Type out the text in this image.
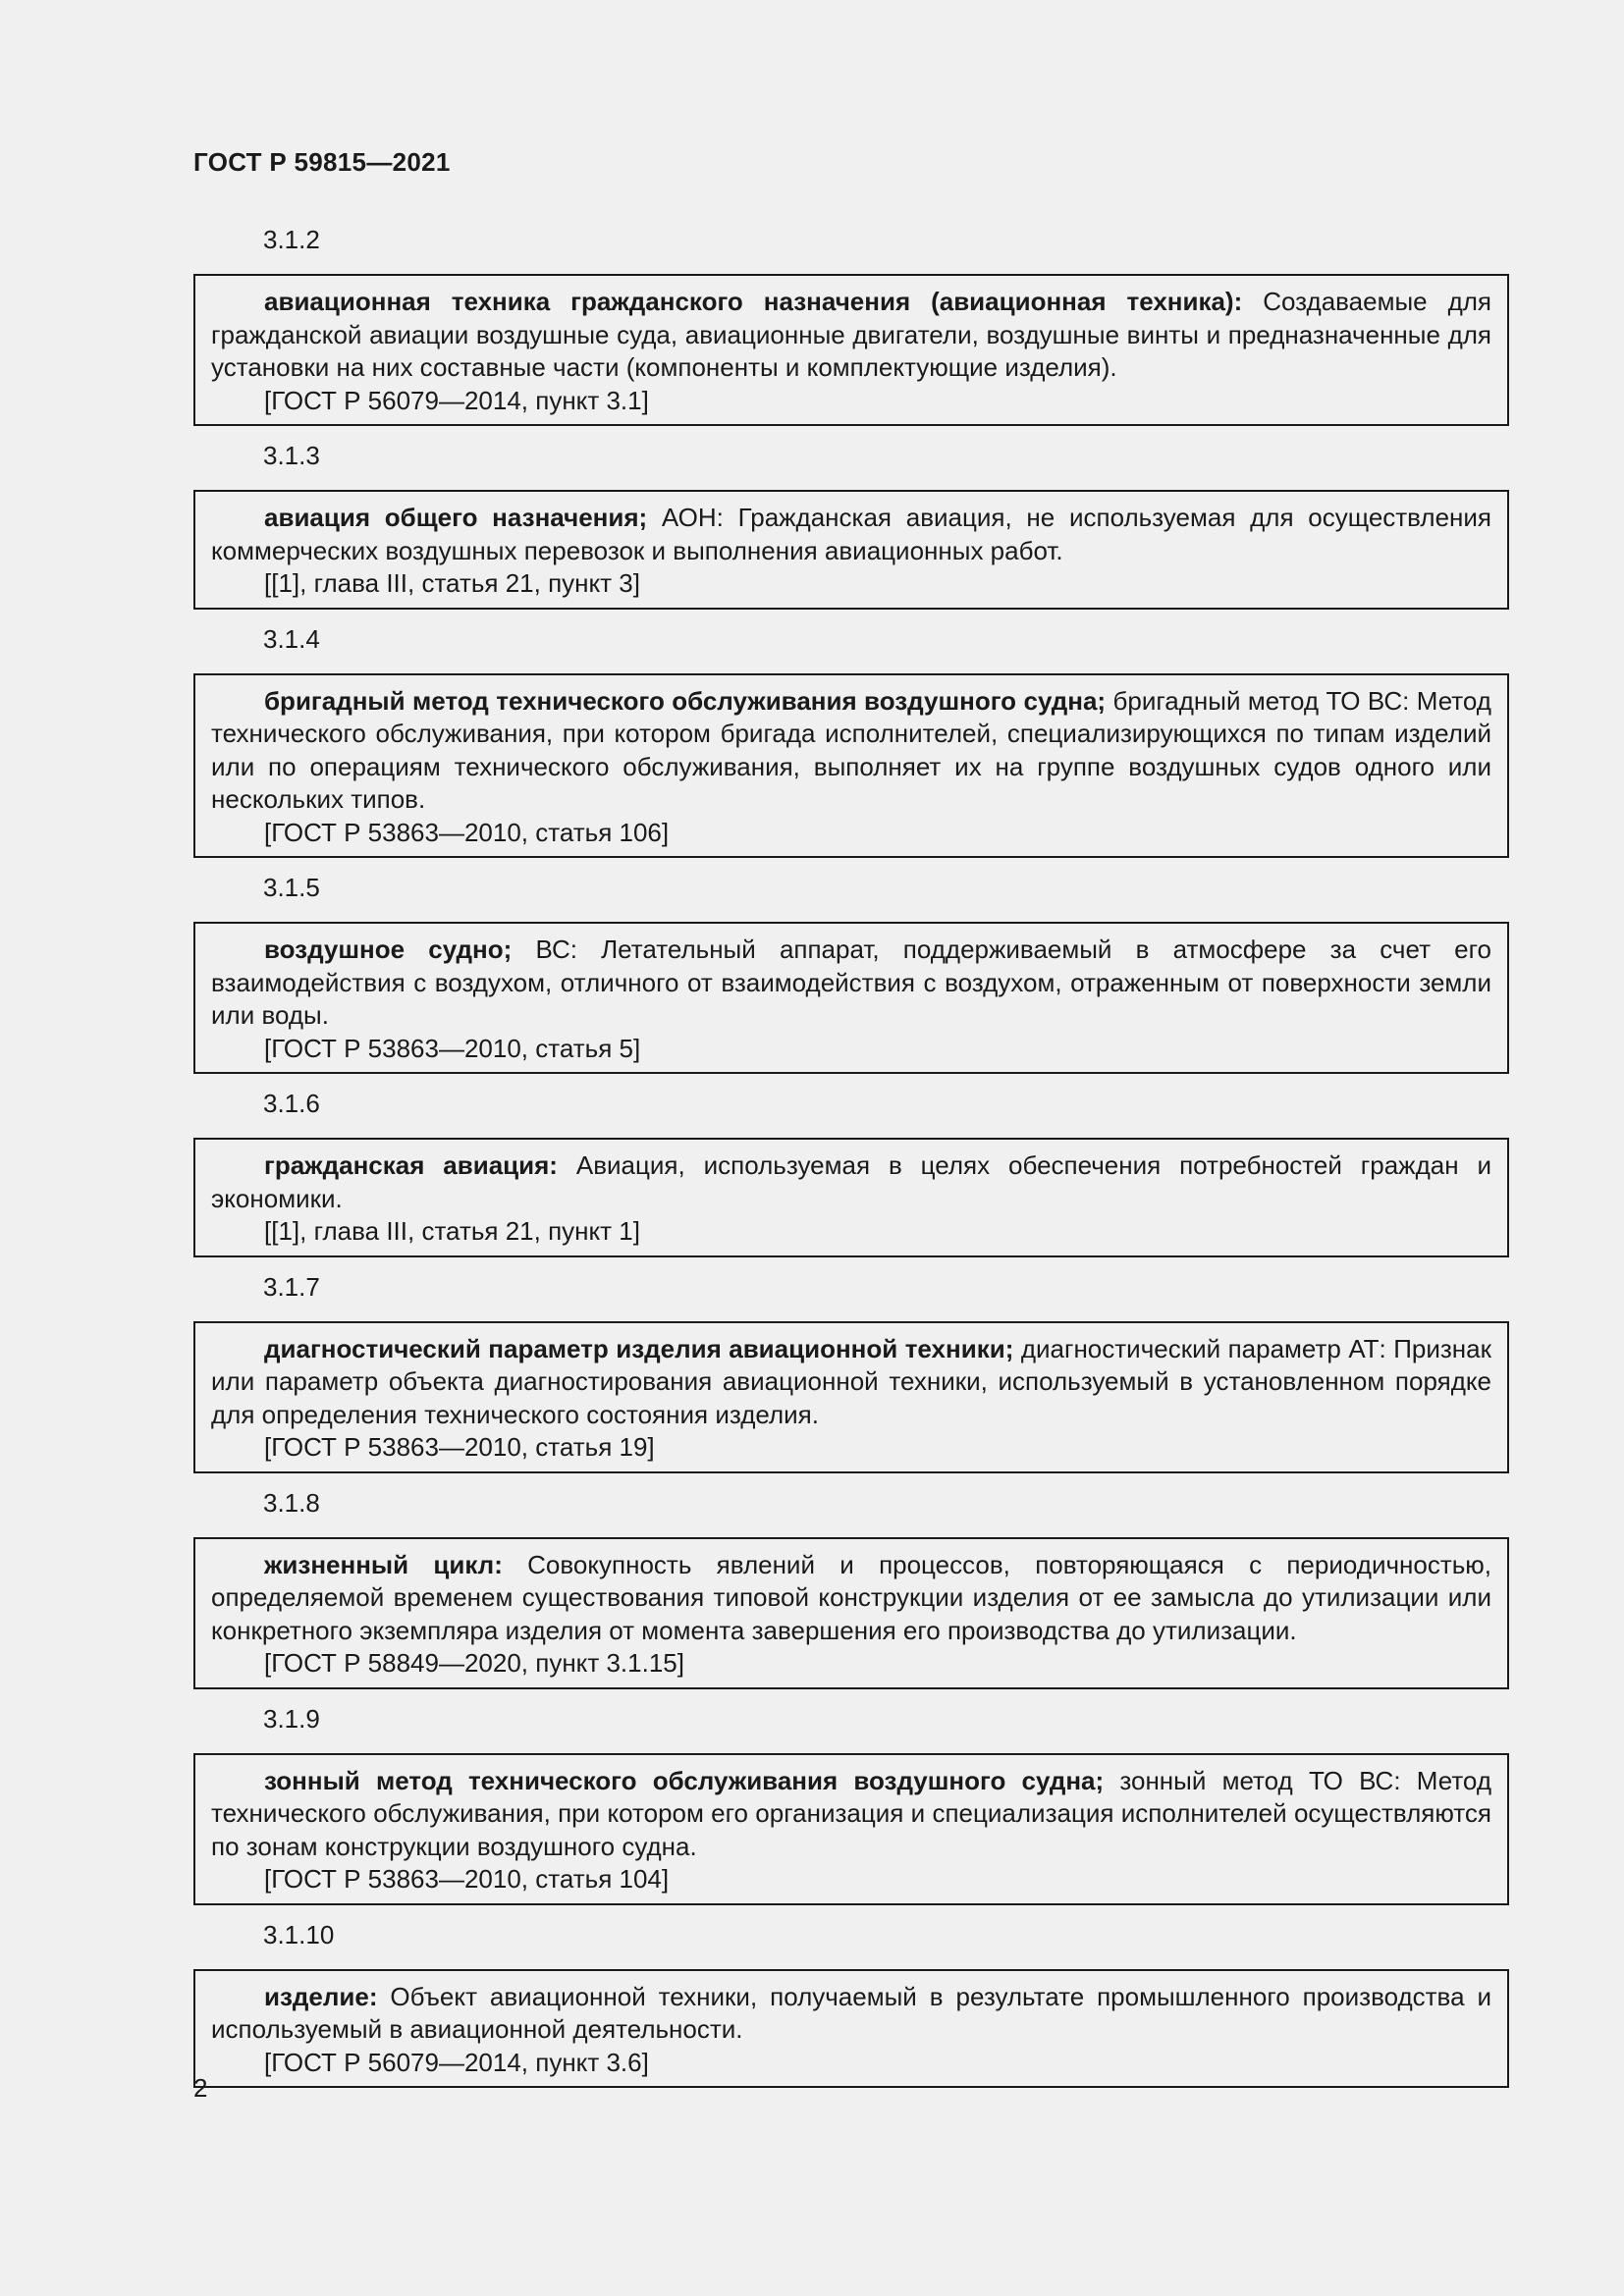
ГОСТ Р 59815—2021
3.1.2
авиационная техника гражданского назначения (авиационная техника): Создаваемые для гражданской авиации воздушные суда, авиационные двигатели, воздушные винты и предназначенные для установки на них составные части (компоненты и комплектующие изделия).
[ГОСТ Р 56079—2014, пункт 3.1]
3.1.3
авиация общего назначения; АОН: Гражданская авиация, не используемая для осуществления коммерческих воздушных перевозок и выполнения авиационных работ.
[[1], глава III, статья 21, пункт 3]
3.1.4
бригадный метод технического обслуживания воздушного судна; бригадный метод ТО ВС: Метод технического обслуживания, при котором бригада исполнителей, специализирующихся по типам изделий или по операциям технического обслуживания, выполняет их на группе воздушных судов одного или нескольких типов.
[ГОСТ Р 53863—2010, статья 106]
3.1.5
воздушное судно; ВС: Летательный аппарат, поддерживаемый в атмосфере за счет его взаимодействия с воздухом, отличного от взаимодействия с воздухом, отраженным от поверхности земли или воды.
[ГОСТ Р 53863—2010, статья 5]
3.1.6
гражданская авиация: Авиация, используемая в целях обеспечения потребностей граждан и экономики.
[[1], глава III, статья 21, пункт 1]
3.1.7
диагностический параметр изделия авиационной техники; диагностический параметр АТ: Признак или параметр объекта диагностирования авиационной техники, используемый в установленном порядке для определения технического состояния изделия.
[ГОСТ Р 53863—2010, статья 19]
3.1.8
жизненный цикл: Совокупность явлений и процессов, повторяющаяся с периодичностью, определяемой временем существования типовой конструкции изделия от ее замысла до утилизации или конкретного экземпляра изделия от момента завершения его производства до утилизации.
[ГОСТ Р 58849—2020, пункт 3.1.15]
3.1.9
зонный метод технического обслуживания воздушного судна; зонный метод ТО ВС: Метод технического обслуживания, при котором его организация и специализация исполнителей осуществляются по зонам конструкции воздушного судна.
[ГОСТ Р 53863—2010, статья 104]
3.1.10
изделие: Объект авиационной техники, получаемый в результате промышленного производства и используемый в авиационной деятельности.
[ГОСТ Р 56079—2014, пункт 3.6]
2
